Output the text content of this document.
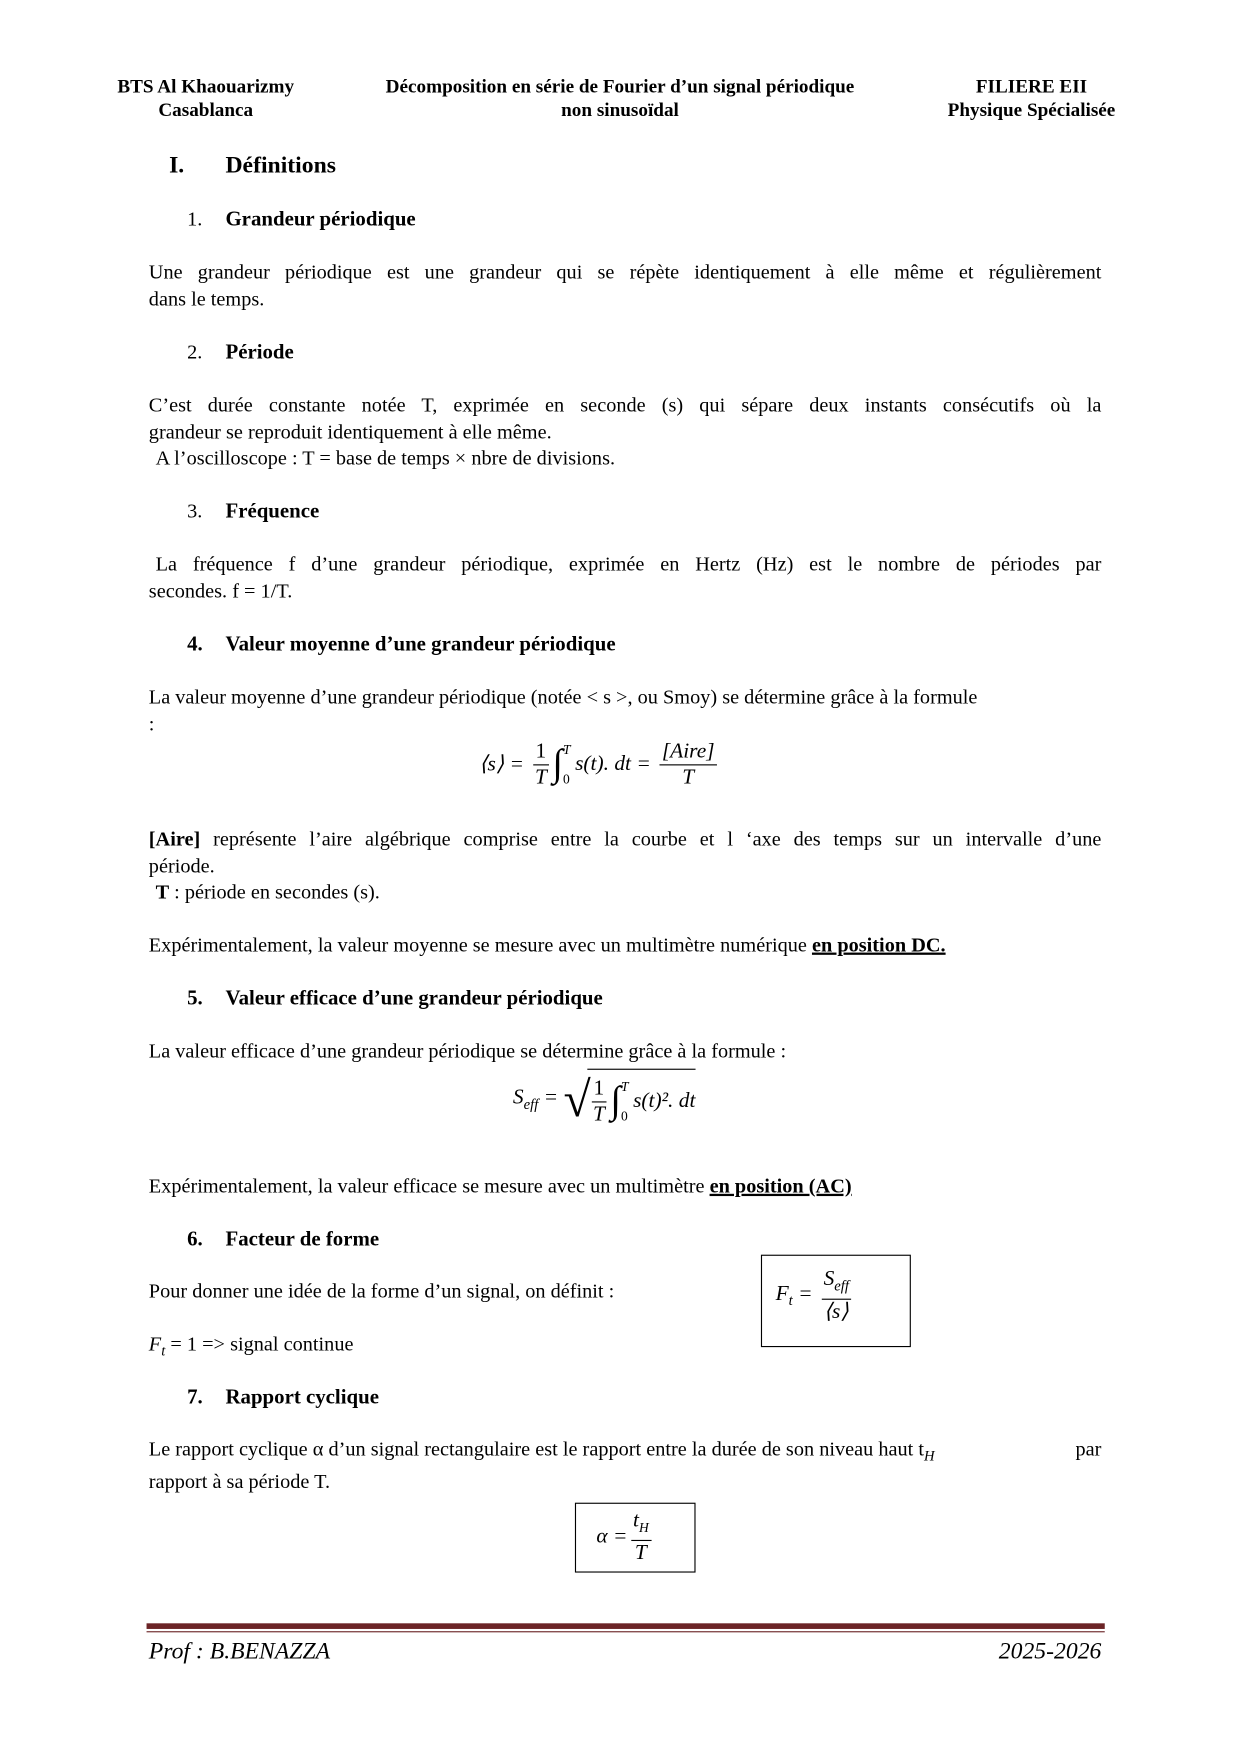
BTS Al Khaouarizmy
Casablanca
Décomposition en série de Fourier d’un signal périodique
non sinusoïdal
FILIERE EII
Physique Spécialisée
I. Définitions
1. Grandeur périodique
Une grandeur périodique est une grandeur qui se répète identiquement à elle même et régulièrement
dans le temps.
2. Période
C’est durée constante notée T, exprimée en seconde (s) qui sépare deux instants consécutifs où la
grandeur se reproduit identiquement à elle même.
A l’oscilloscope : T = base de temps × nbre de divisions.
3. Fréquence
La fréquence f d’une grandeur périodique, exprimée en Hertz (Hz) est le nombre de périodes par
secondes. f = 1/T.
4. Valeur moyenne d’une grandeur périodique
La valeur moyenne d’une grandeur périodique (notée < s >, ou Smoy) se détermine grâce à la formule
:
⟨s⟩ = $\frac{1}{T}$ ∫ T
0
s(t). dt = $\frac{\text{[Aire]}}{T}$
[Aire] représente l’aire algébrique comprise entre la courbe et l ‘axe des temps sur un intervalle d’une
période.
T : période en secondes (s).
Expérimentalement, la valeur moyenne se mesure avec un multimètre numérique en position DC.
5. Valeur efficace d’une grandeur périodique
La valeur efficace d’une grandeur périodique se détermine grâce à la formule :
$S_{eff}$ = √ $\frac{1}{T}$ ∫ T
0
s(t)². dt
Expérimentalement, la valeur efficace se mesure avec un multimètre en position (AC)
6. Facteur de forme
Pour donner une idée de la forme d’un signal, on définit :	$F_t = \frac{S_{eff}}{⟨s⟩}$
$F_t = 1$ => signal continue
7. Rapport cyclique
Le rapport cyclique α d’un signal rectangulaire est le rapport entre la durée de son niveau haut $t_H$	par
rapport à sa période T.
$\alpha = \frac{t_H}{T}$
Prof : B.BENAZZA	2025-2026
